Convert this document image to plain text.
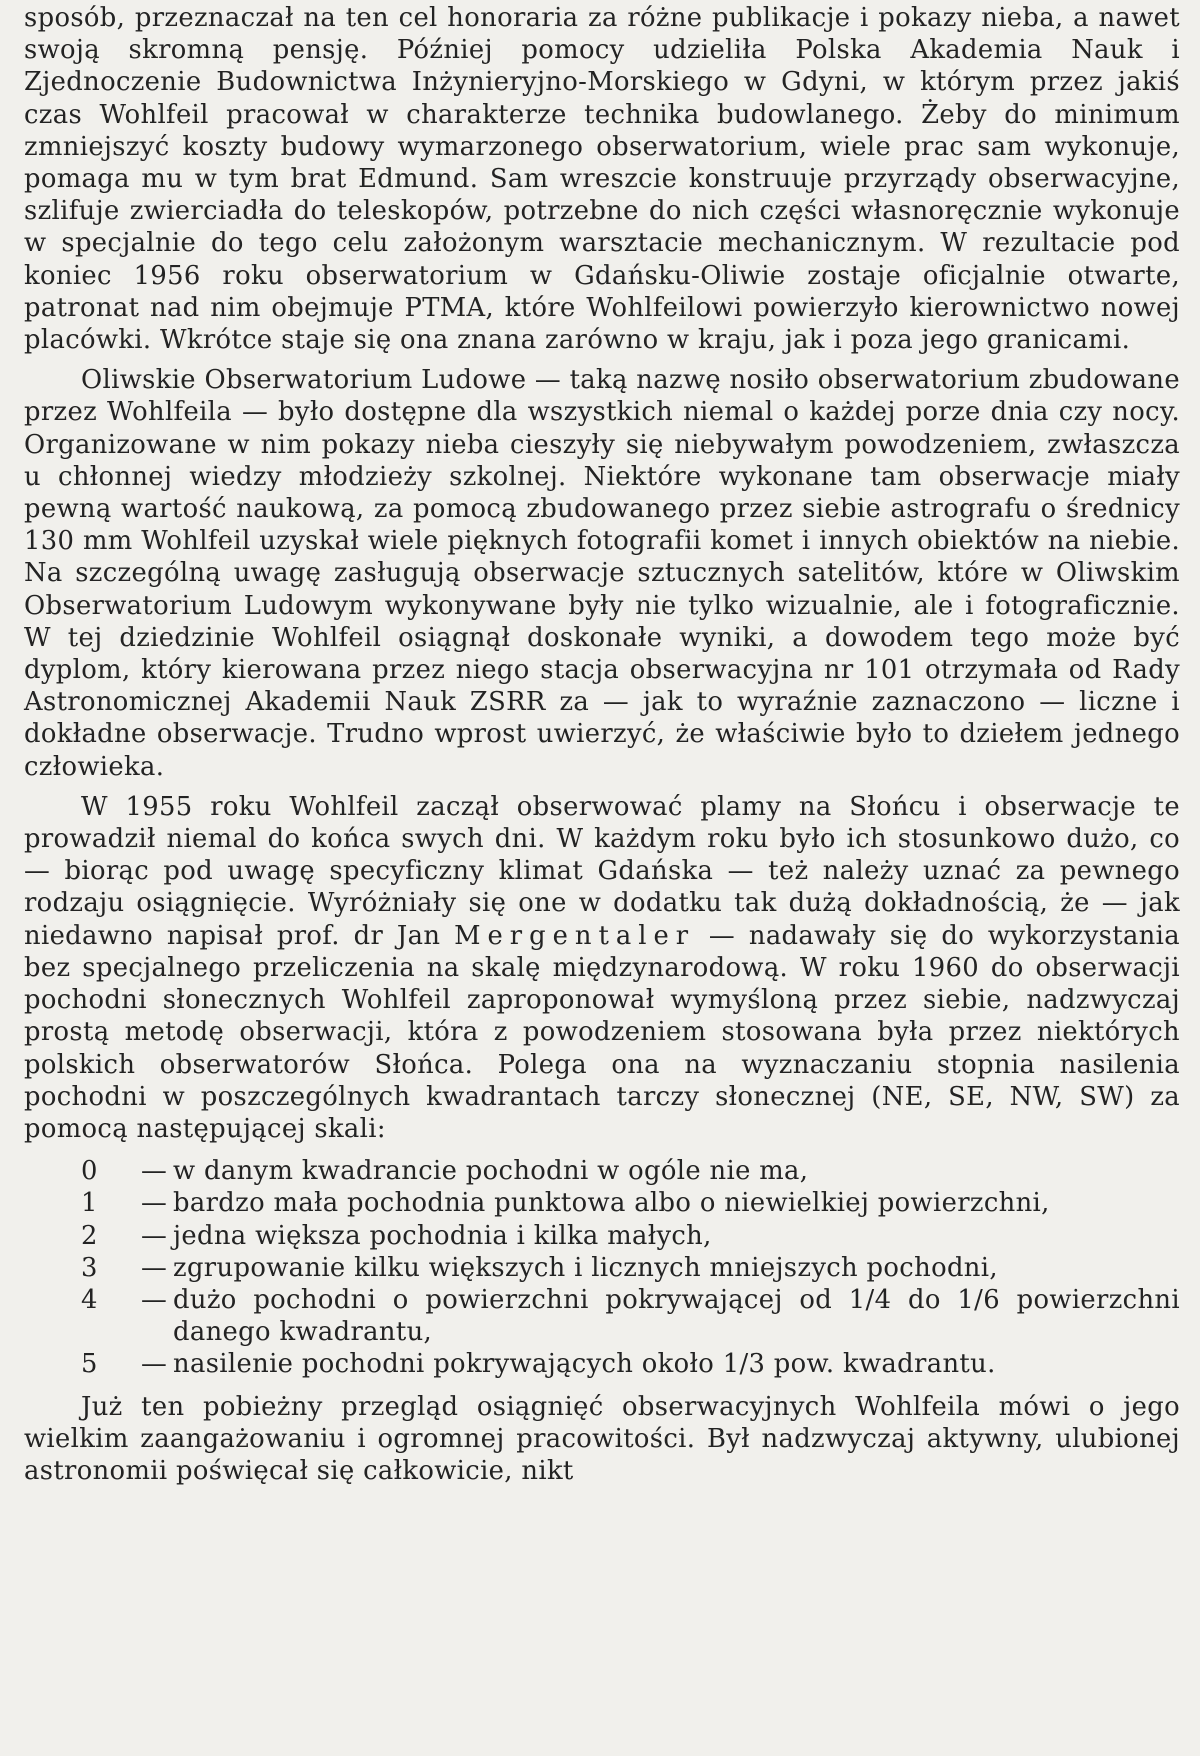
sposób, przeznaczał na ten cel honoraria za różne publikacje i pokazy nieba, a nawet swoją skromną pensję. Później pomocy udzieliła Polska Akademia Nauk i Zjednoczenie Budownictwa Inżynieryjno-Morskiego w Gdyni, w którym przez jakiś czas Wohlfeil pracował w charakterze technika budowlanego. Żeby do minimum zmniejszyć koszty budowy wymarzonego obserwatorium, wiele prac sam wykonuje, pomaga mu w tym brat Edmund. Sam wreszcie konstruuje przyrządy obserwacyjne, szlifuje zwierciadła do teleskopów, potrzebne do nich części własnoręcznie wykonuje w specjalnie do tego celu założonym warsztacie mechanicznym. W rezultacie pod koniec 1956 roku obserwatorium w Gdańsku-Oliwie zostaje oficjalnie otwarte, patronat nad nim obejmuje PTMA, które Wohlfeilowi powierzyło kierownictwo nowej placówki. Wkrótce staje się ona znana zarówno w kraju, jak i poza jego granicami.

Oliwskie Obserwatorium Ludowe — taką nazwę nosiło obserwatorium zbudowane przez Wohlfeila — było dostępne dla wszystkich niemal o każdej porze dnia czy nocy. Organizowane w nim pokazy nieba cieszyły się niebywałym powodzeniem, zwłaszcza u chłonnej wiedzy młodzieży szkolnej. Niektóre wykonane tam obserwacje miały pewną wartość naukową, za pomocą zbudowanego przez siebie astrografu o średnicy 130 mm Wohlfeil uzyskał wiele pięknych fotografii komet i innych obiektów na niebie. Na szczególną uwagę zasługują obserwacje sztucznych satelitów, które w Oliwskim Obserwatorium Ludowym wykonywane były nie tylko wizualnie, ale i fotograficznie. W tej dziedzinie Wohlfeil osiągnął doskonałe wyniki, a dowodem tego może być dyplom, który kierowana przez niego stacja obserwacyjna nr 101 otrzymała od Rady Astronomicznej Akademii Nauk ZSRR za — jak to wyraźnie zaznaczono — liczne i dokładne obserwacje. Trudno wprost uwierzyć, że właściwie było to dziełem jednego człowieka.

W 1955 roku Wohlfeil zaczął obserwować plamy na Słońcu i obserwacje te prowadził niemal do końca swych dni. W każdym roku było ich stosunkowo dużo, co — biorąc pod uwagę specyficzny klimat Gdańska — też należy uznać za pewnego rodzaju osiągnięcie. Wyróżniały się one w dodatku tak dużą dokładnością, że — jak niedawno napisał prof. dr Jan Mergentaler — nadawały się do wykorzystania bez specjalnego przeliczenia na skalę międzynarodową. W roku 1960 do obserwacji pochodni słonecznych Wohlfeil zaproponował wymyśloną przez siebie, nadzwyczaj prostą metodę obserwacji, która z powodzeniem stosowana była przez niektórych polskich obserwatorów Słońca. Polega ona na wyznaczaniu stopnia nasilenia pochodni w poszczególnych kwadrantach tarczy słonecznej (NE, SE, NW, SW) za pomocą następującej skali:

0	— w danym kwadrancie pochodni w ogóle nie ma,
1	— bardzo mała pochodnia punktowa albo o niewielkiej powierzchni,
2	— jedna większa pochodnia i kilka małych,
3	— zgrupowanie kilku większych i licznych mniejszych pochodni,
4	— dużo pochodni o powierzchni pokrywającej od 1/4 do 1/6 powierzchni danego kwadrantu,
5	— nasilenie pochodni pokrywających około 1/3 pow. kwadrantu.

Już ten pobieżny przegląd osiągnięć obserwacyjnych Wohlfeila mówi o jego wielkim zaangażowaniu i ogromnej pracowitości. Był nadzwyczaj aktywny, ulubionej astronomii poświęcał się całkowicie, nikt
